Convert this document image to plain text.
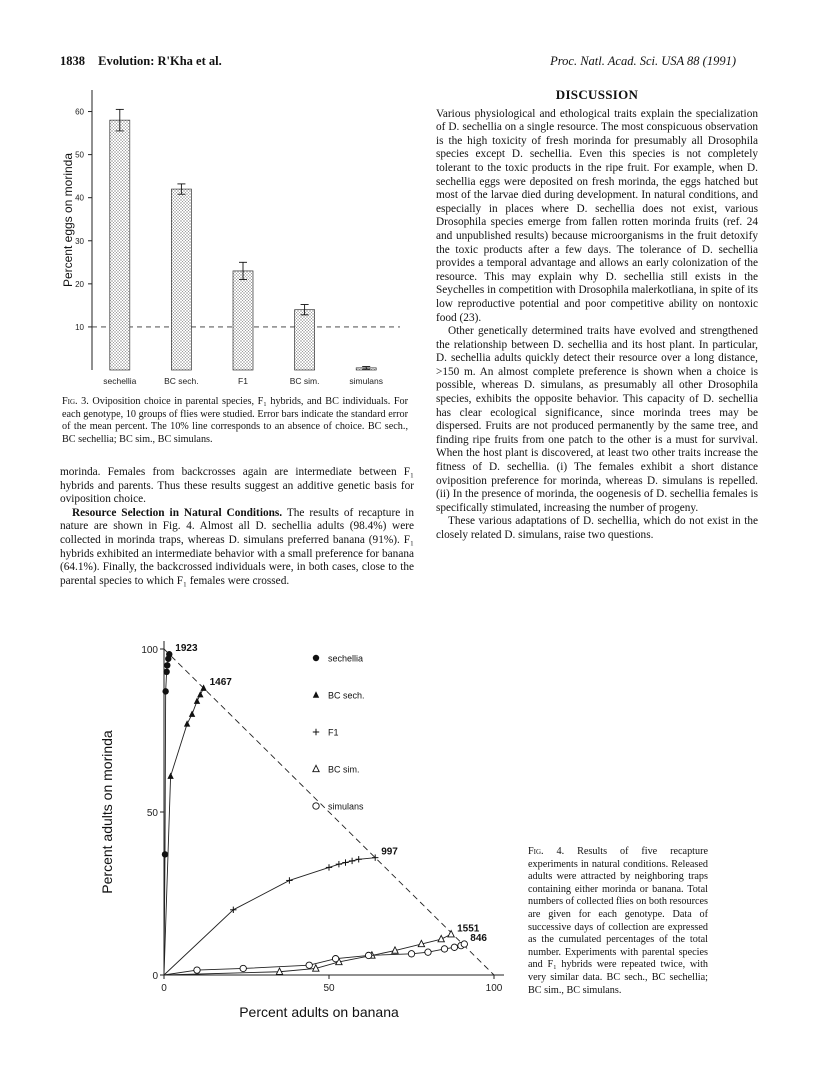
1838 Evolution: R'Kha et al.	Proc. Natl. Acad. Sci. USA 88 (1991)
10
20
30
40
50
60
Percent eggs on morinda
sechellia	BC sech.	F1	BC sim.	simulans
Fig. 3. Oviposition choice in parental species, F₁ hybrids, and BC individuals. For each genotype, 10 groups of flies were studied. Error bars indicate the standard error of the mean percent. The 10% line corresponds to an absence of choice. BC sech., BC sechellia; BC sim., BC simulans.

morinda. Females from backcrosses again are intermediate between F₁ hybrids and parents. Thus these results suggest an additive genetic basis for oviposition choice.

Resource Selection in Natural Conditions. The results of recapture in nature are shown in Fig. 4. Almost all D. sechellia adults (98.4%) were collected in morinda traps, whereas D. simulans preferred banana (91%). F₁ hybrids exhibited an intermediate behavior with a small preference for banana (64.1%). Finally, the backcrossed individuals were, in both cases, close to the parental species to which F₁ females were crossed.

DISCUSSION

Various physiological and ethological traits explain the specialization of D. sechellia on a single resource. The most conspicuous observation is the high toxicity of fresh morinda for presumably all Drosophila species except D. sechellia. Even this species is not completely tolerant to the toxic products in the ripe fruit. For example, when D. sechellia eggs were deposited on fresh morinda, the eggs hatched but most of the larvae died during development. In natural conditions, and especially in places where D. sechellia does not exist, various Drosophila species emerge from fallen rotten morinda fruits (ref. 24 and unpublished results) because microorganisms in the fruit detoxify the toxic products after a few days. The tolerance of D. sechellia provides a temporal advantage and allows an early colonization of the resource. This may explain why D. sechellia still exists in the Seychelles in competition with Drosophila malerkotliana, in spite of its low reproductive potential and poor competitive ability on nontoxic food (23).

Other genetically determined traits have evolved and strengthened the relationship between D. sechellia and its host plant. In particular, D. sechellia adults quickly detect their resource over a long distance, >150 m. An almost complete preference is shown when a choice is possible, whereas D. simulans, as presumably all other Drosophila species, exhibits the opposite behavior. This capacity of D. sechellia has clear ecological significance, since morinda trees may be dispersed. Fruits are not produced permanently by the same tree, and finding ripe fruits from one patch to the other is a must for survival. When the host plant is discovered, at least two other traits increase the fitness of D. sechellia. (i) The females exhibit a short distance oviposition preference for morinda, whereas D. simulans is repelled. (ii) In the presence of morinda, the oogenesis of D. sechellia females is specifically stimulated, increasing the number of progeny.

These various adaptations of D. sechellia, which do not exist in the closely related D. simulans, raise two questions.

0
50
100
0	50	100
Percent adults on banana
Percent adults on morinda
1923
1467
997
1551
846
sechellia
BC sech.
F1
BC sim.
simulans
Fig. 4. Results of five recapture experiments in natural conditions. Released adults were attracted by neighboring traps containing either morinda or banana. Total numbers of collected flies on both resources are given for each genotype. Data of successive days of collection are expressed as the cumulated percentages of the total number. Experiments with parental species and F₁ hybrids were repeated twice, with very similar data. BC sech., BC sechellia; BC sim., BC simulans.
